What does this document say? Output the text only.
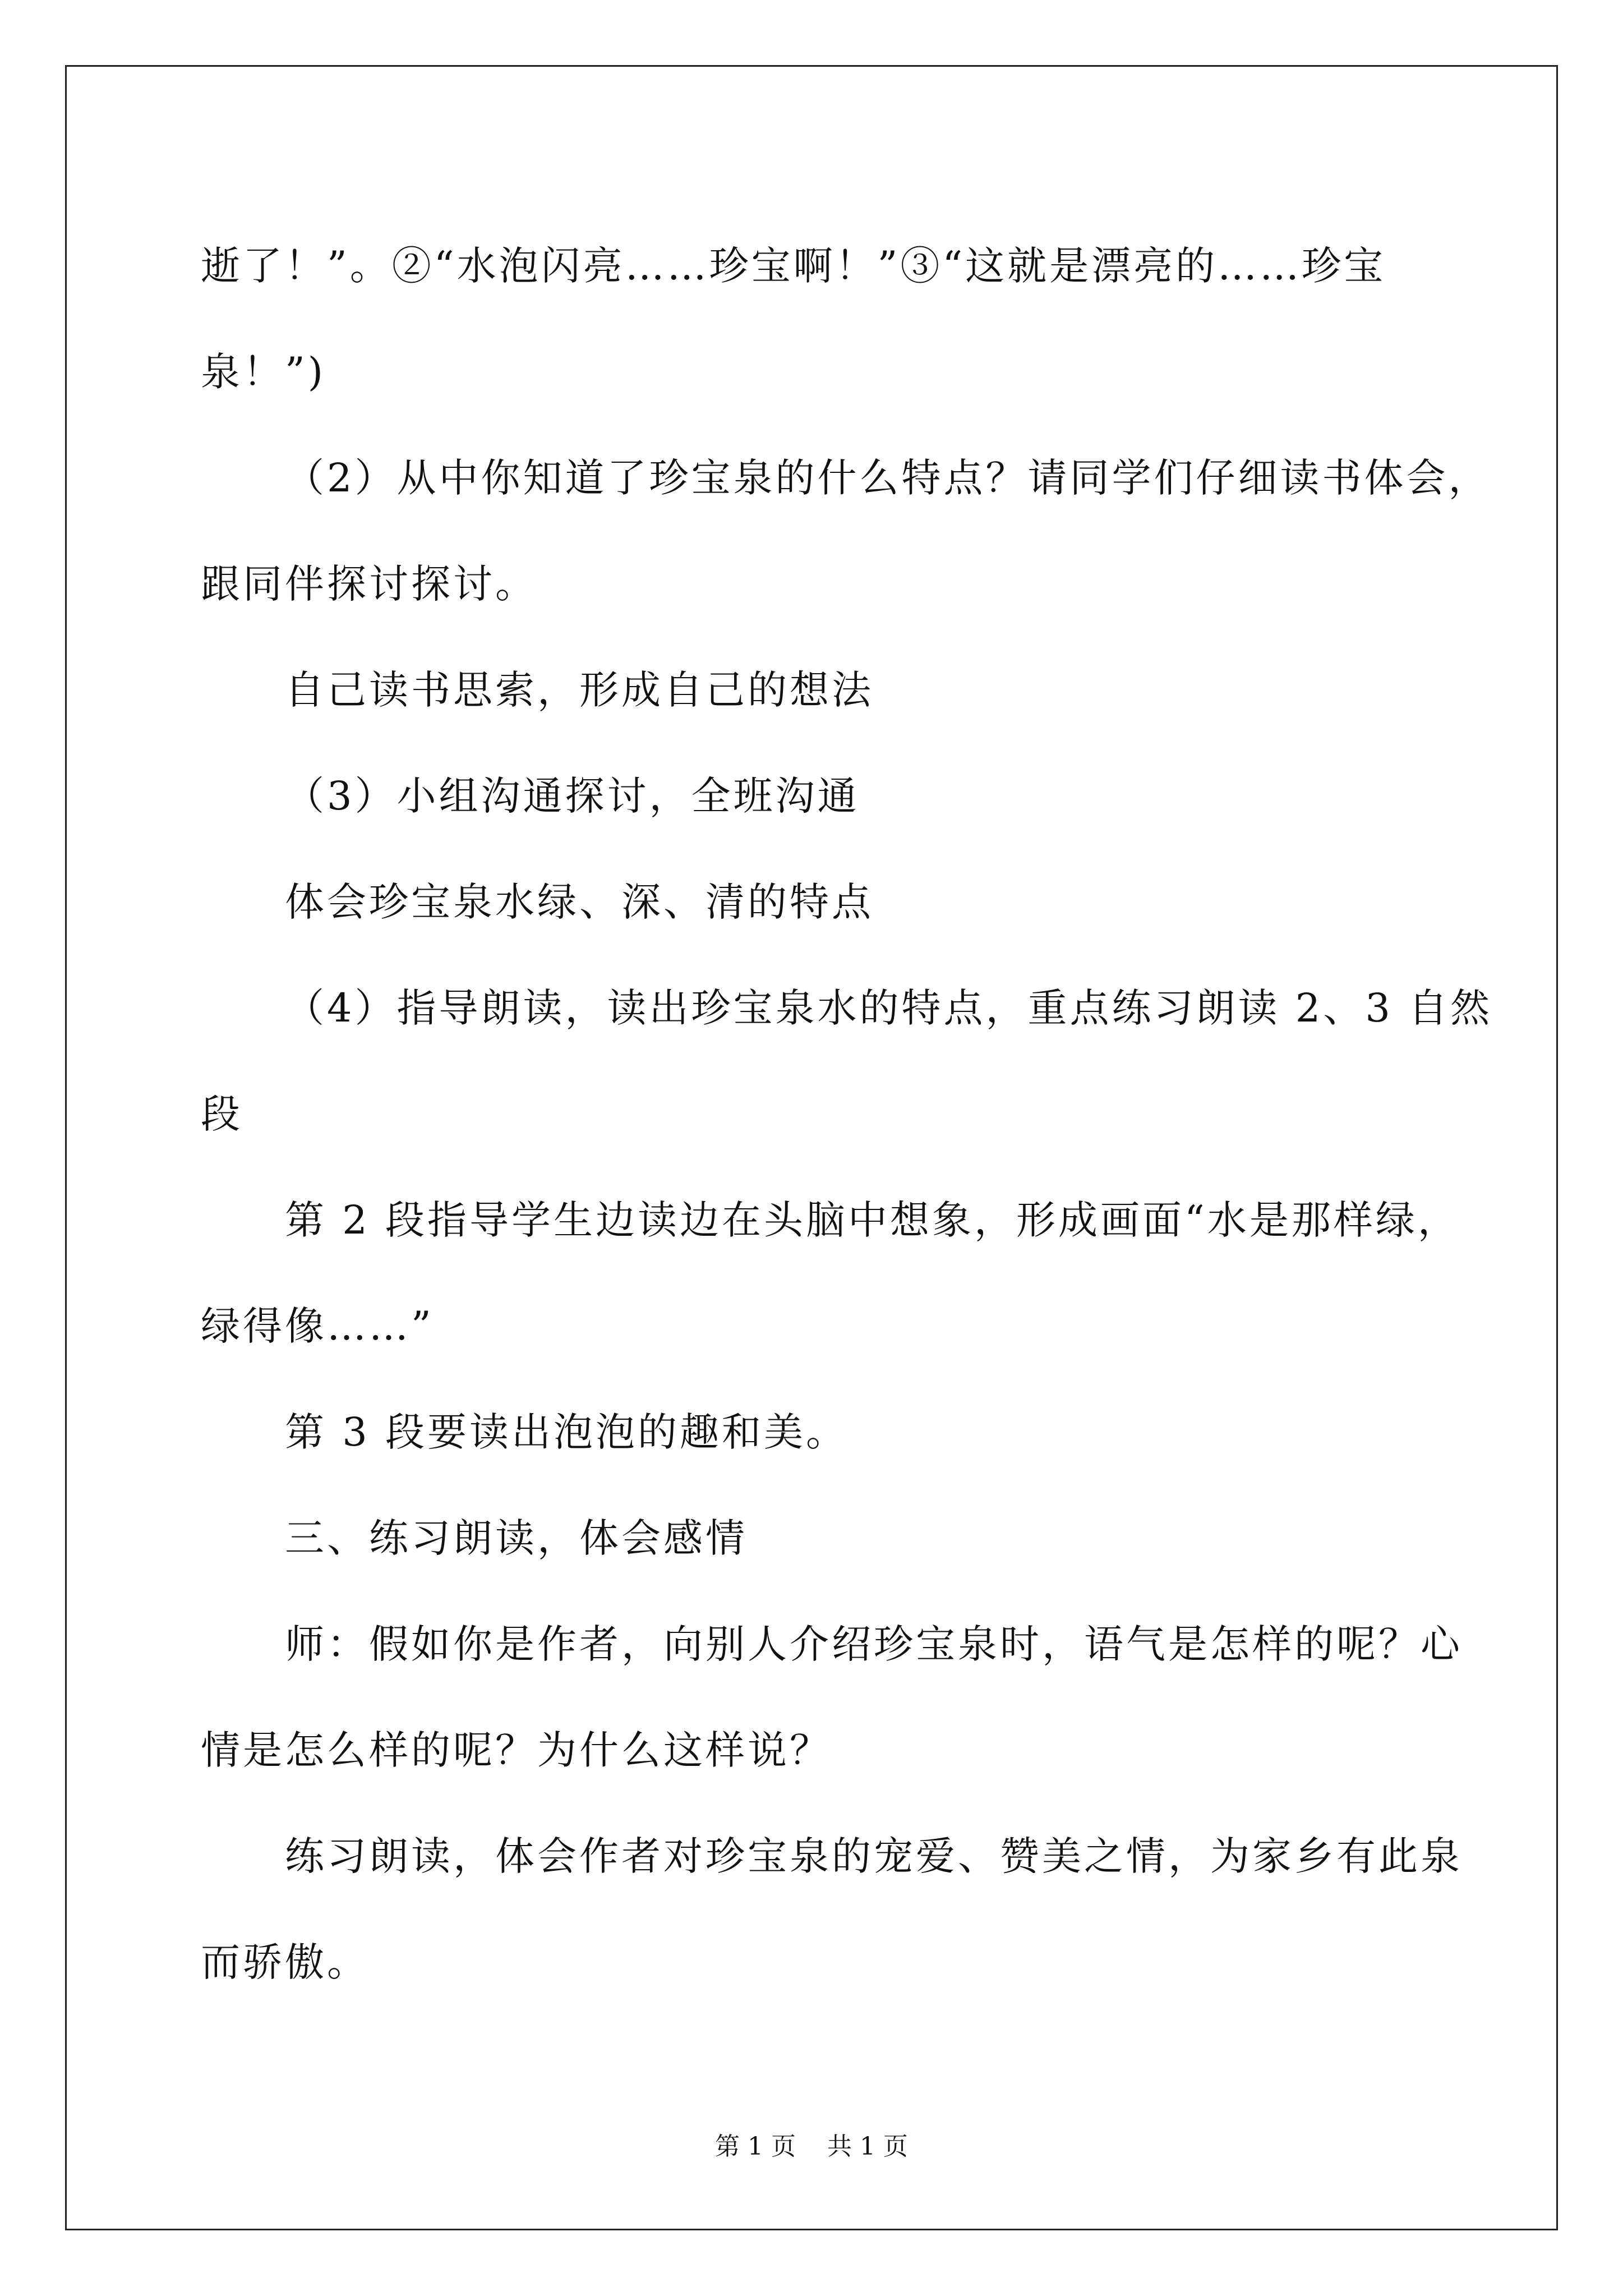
逝了！”。②“水泡闪亮……珍宝啊！”③“这就是漂亮的……珍宝
泉！”)
（2）从中你知道了珍宝泉的什么特点？请同学们仔细读书体会，
跟同伴探讨探讨。
自己读书思索，形成自己的想法
（3）小组沟通探讨，全班沟通
体会珍宝泉水绿、深、清的特点
（4）指导朗读，读出珍宝泉水的特点，重点练习朗读 2、3 自然
段
第 2 段指导学生边读边在头脑中想象，形成画面“水是那样绿，
绿得像……”
第 3 段要读出泡泡的趣和美。
三、练习朗读，体会感情
师：假如你是作者，向别人介绍珍宝泉时，语气是怎样的呢？心
情是怎么样的呢？为什么这样说？
练习朗读，体会作者对珍宝泉的宠爱、赞美之情，为家乡有此泉
而骄傲。
第 1 页    共 1 页
